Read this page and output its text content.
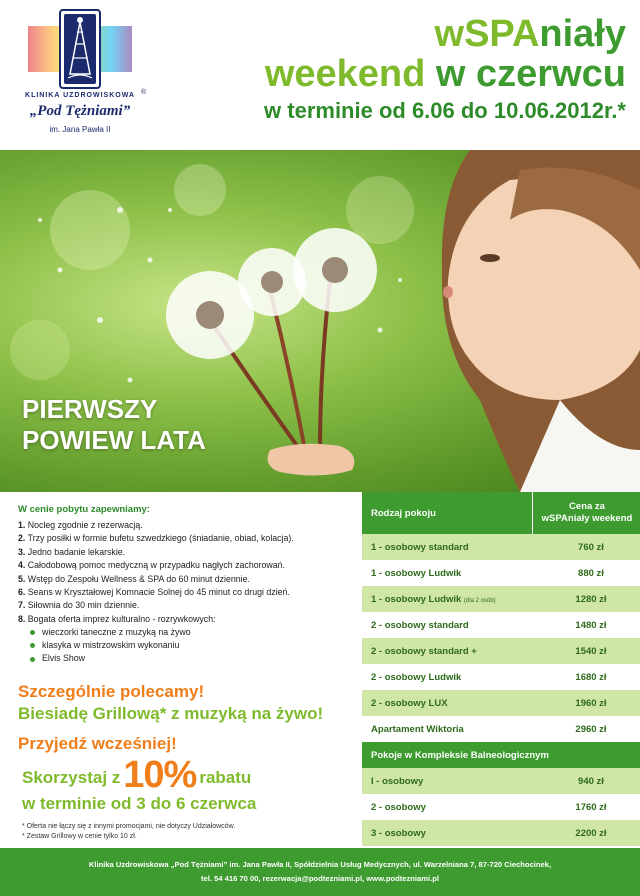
KLINIKA UZDROWISKOWA ®
„Pod Tężniami”
im. Jana Pawła II
wSPAniały
weekend w czerwcu
w terminie od 6.06 do 10.06.2012r.*
PIERWSZY
POWIEW LATA
W cenie pobytu zapewniamy:
1. Nocleg zgodnie z rezerwacją.
2. Trzy posiłki w formie bufetu szwedzkiego (śniadanie, obiad, kolacja).
3. Jedno badanie lekarskie.
4. Całodobową pomoc medyczną w przypadku nagłych zachorowań.
5. Wstęp do Zespołu Wellness & SPA do 60 minut dziennie.
6. Seans w Kryształowej Komnacie Solnej do 45 minut co drugi dzień.
7. Siłownia do 30 min dziennie.
8. Bogata oferta imprez kulturalno - rozrywkowych:
wieczorki taneczne z muzyką na żywo
klasyka w mistrzowskim wykonaniu
Elvis Show
Szczególnie polecamy!
Biesiadę Grillową* z muzyką na żywo!
Przyjedź wcześniej!
Skorzystaj z10% rabatu
w terminie od 3 do 6 czerwca
* Oferta nie łączy się z innymi promocjami, nie dotyczy Udziałowców.
* Zestaw Grillowy w cenie tylko 10 zł.
Rodzaj pokoju
Cena za
wSPAniały weekend
1 - osobowy standard	760 zł
1 - osobowy Ludwik	880 zł
1 - osobowy Ludwik (dla 2 osób)	1280 zł
2 - osobowy standard	1480 zł
2 - osobowy standard +	1540 zł
2 - osobowy Ludwik	1680 zł
2 - osobowy LUX	1960 zł
Apartament Wiktoria	2960 zł
Pokoje w Kompleksie Balneologicznym
I - osobowy	940 zł
2 - osobowy	1760 zł
3 - osobowy	2200 zł
Klinika Uzdrowiskowa „Pod Tężniami” im. Jana Pawła II, Spółdzielnia Usług Medycznych, ul. Warzelniana 7, 87-720 Ciechocinek,
tel. 54 416 70 00, rezerwacja@podtezniami.pl, www.podtezniami.pl
